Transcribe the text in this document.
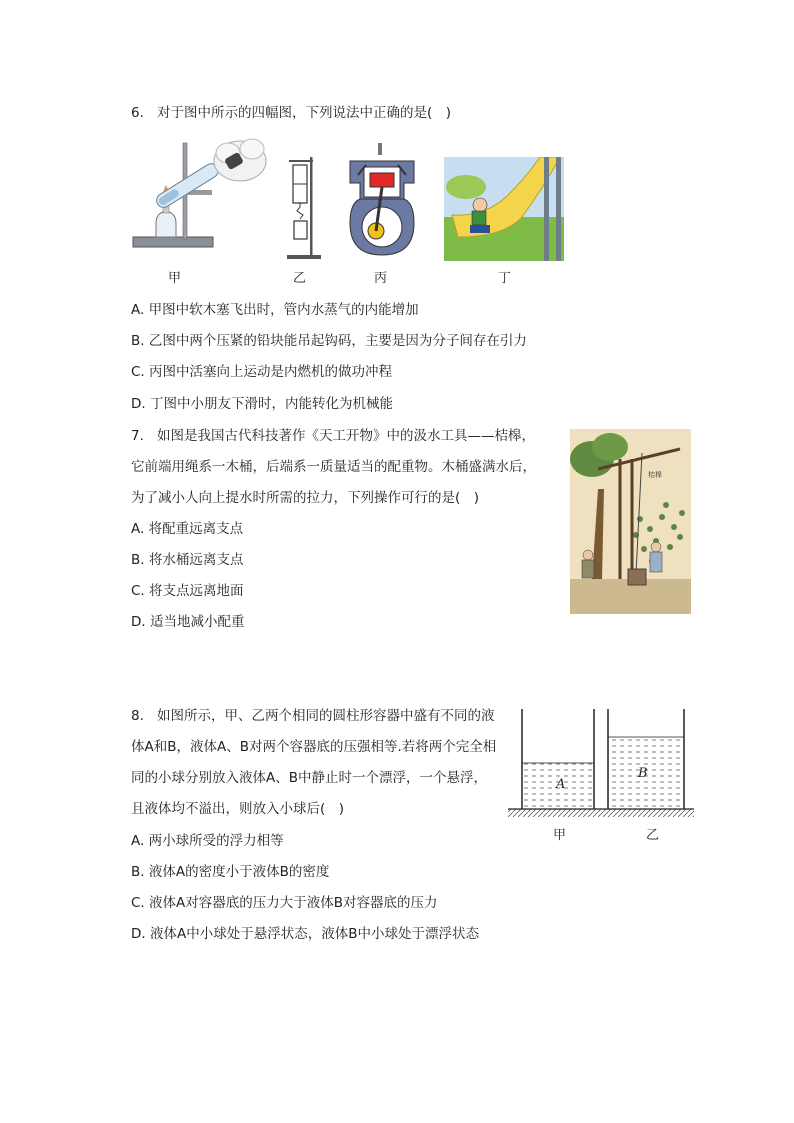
6. 对于图中所示的四幅图，下列说法中正确的是(　)
甲	乙	丙	丁
A. 甲图中软木塞飞出时，管内水蒸气的内能增加
B. 乙图中两个压紧的铅块能吊起钩码，主要是因为分子间存在引力
C. 丙图中活塞向上运动是内燃机的做功冲程
D. 丁图中小朋友下滑时，内能转化为机械能
7. 如图是我国古代科技著作《天工开物》中的汲水工具——桔槔，
它前端用绳系一木桶，后端系一质量适当的配重物。木桶盛满水后，
为了减小人向上提水时所需的拉力，下列操作可行的是(　)
桔槔
A. 将配重远离支点
B. 将水桶远离支点
C. 将支点远离地面
D. 适当地减小配重
8. 如图所示，甲、乙两个相同的圆柱形容器中盛有不同的液
体A和B，液体A、B对两个容器底的压强相等.若将两个完全相
同的小球分别放入液体A、B中静止时一个漂浮，一个悬浮，
且液体均不溢出，则放入小球后(　)
A
B
甲	乙
A. 两小球所受的浮力相等
B. 液体A的密度小于液体B的密度
C. 液体A对容器底的压力大于液体B对容器底的压力
D. 液体A中小球处于悬浮状态，液体B中小球处于漂浮状态
